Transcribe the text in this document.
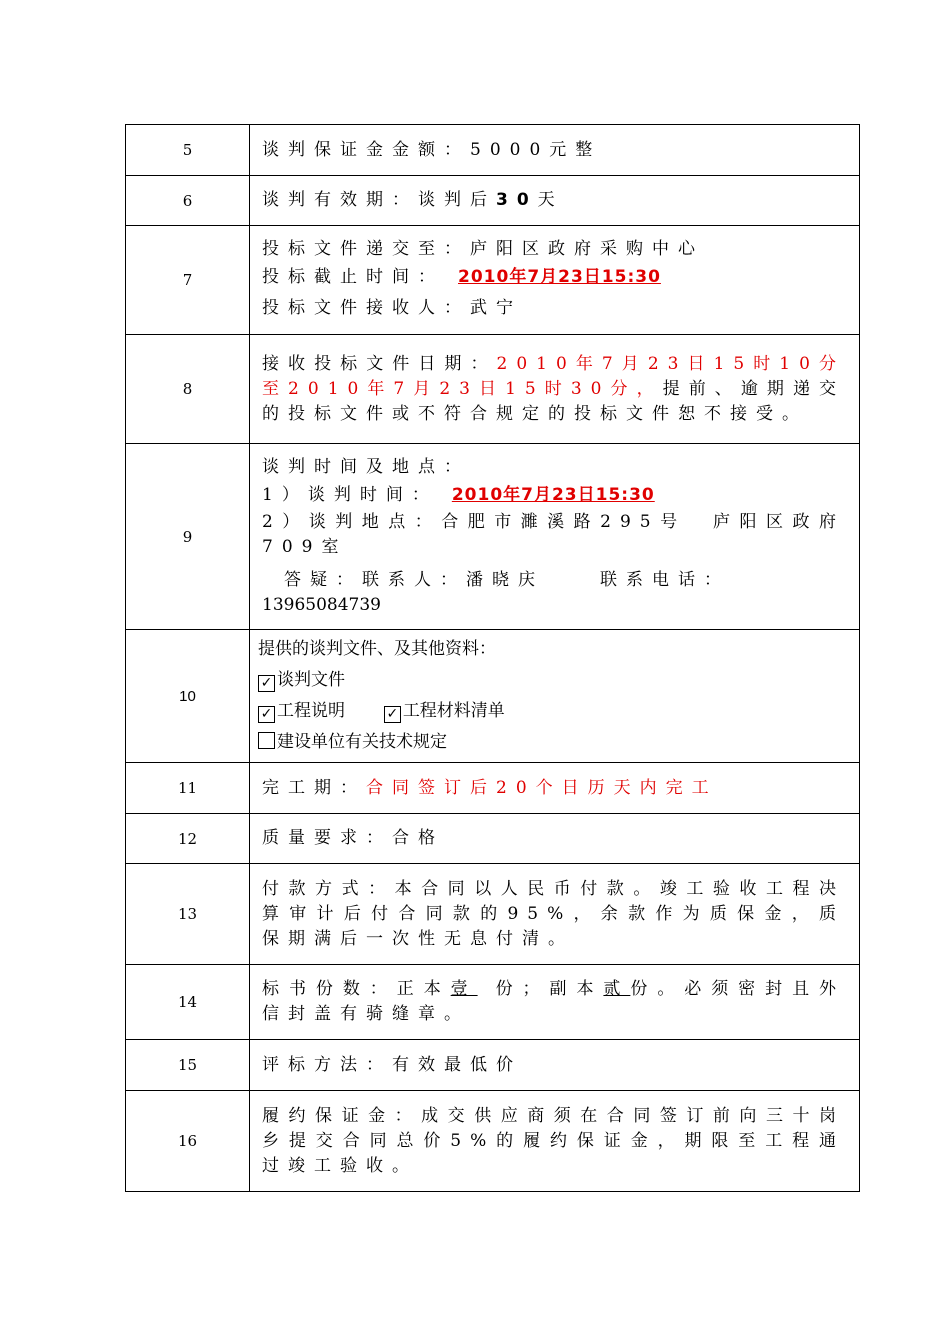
5	谈判保证金金额：5000元整

6	谈判有效期：谈判后30天

7	投标文件递交至：庐阳区政府采购中心
投标截止时间： 2010年7月23日15:30
投标文件接收人：武宁

8	接收投标文件日期：2010年7月23日15时10分至2010年7月23日15时30分，提前、逾期递交的投标文件或不符合规定的投标文件恕不接受。

9	谈判时间及地点：
1）谈判时间： 2010年7月23日15:30
2）谈判地点：合肥市濉溪路295号　庐阳区政府709室
答疑：联系人：潘晓庆 联系电话：
13965084739

10	提供的谈判文件、及其他资料：
✓ 谈判文件
✓ 工程说明 ✓ 工程材料清单
建设单位有关技术规定

11	完工期：合同签订后20个日历天内完工

12	质量要求：合格

13	付款方式：本合同以人民币付款。竣工验收工程决算审计后付合同款的95%，余款作为质保金，质保期满后一次性无息付清。

14	标书份数：正本壹 份；副本贰份。必须密封且外信封盖有骑缝章。

15	评标方法：有效最低价

16	履约保证金：成交供应商须在合同签订前向三十岗乡提交合同总价5%的履约保证金，期限至工程通过竣工验收。
